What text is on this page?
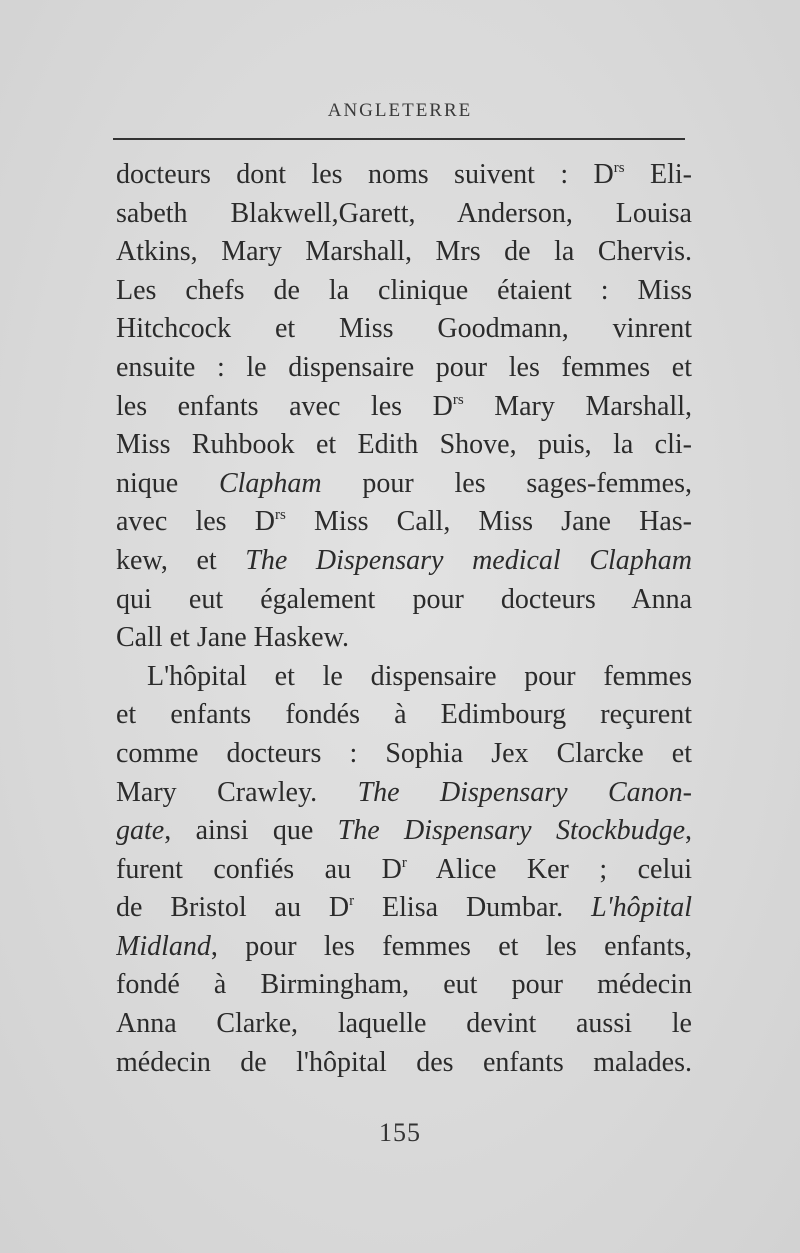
ANGLETERRE
docteurs dont les noms suivent : $D^{rs}$ Eli-
sabeth Blakwell,Garett, Anderson, Louisa
Atkins, Mary Marshall, Mrs de la Chervis.
Les chefs de la clinique étaient : Miss
Hitchcock et Miss Goodmann, vinrent
ensuite : le dispensaire pour les femmes et
les enfants avec les $D^{rs}$ Mary Marshall,
Miss Ruhbook et Edith Shove, puis, la cli-
nique Clapham pour les sages-femmes,
avec les $D^{rs}$ Miss Call, Miss Jane Has-
kew, et The Dispensary medical Clapham
qui eut également pour docteurs Anna
Call et Jane Haskew.
L'hôpital et le dispensaire pour femmes
et enfants fondés à Edimbourg reçurent
comme docteurs : Sophia Jex Clarcke et
Mary Crawley. The Dispensary Canon-
gate, ainsi que The Dispensary Stockbudge,
furent confiés au $D^r$ Alice Ker ; celui
de Bristol au $D^r$ Elisa Dumbar. L'hôpital
Midland, pour les femmes et les enfants,
fondé à Birmingham, eut pour médecin
Anna Clarke, laquelle devint aussi le
médecin de l'hôpital des enfants malades.
155
